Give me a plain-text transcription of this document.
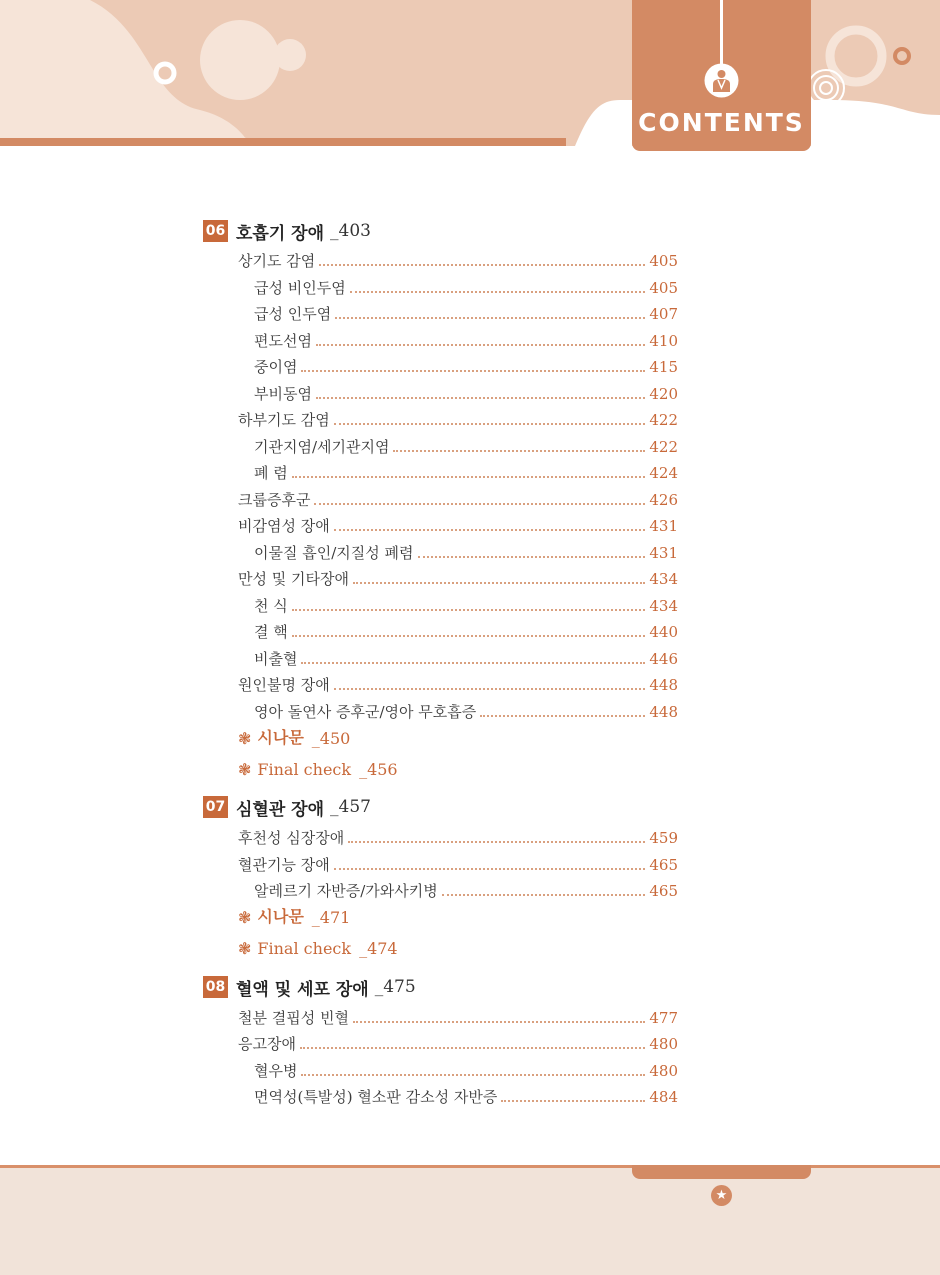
CONTENTS
06 호흡기 장애 _403
상기도 감염	405
급성 비인두염	405
급성 인두염	407
편도선염	410
중이염	415
부비동염	420
하부기도 감염	422
기관지염/세기관지염	422
폐 렴	424
크룹증후군	426
비감염성 장애	431
이물질 흡인/지질성 폐렴	431
만성 및 기타장애	434
천 식	434
결 핵	440
비출혈	446
원인불명 장애	448
영아 돌연사 증후군/영아 무호흡증	448
❃ 시나문 _450
❃ Final check _456
07 심혈관 장애 _457
후천성 심장장애	459
혈관기능 장애	465
알레르기 자반증/가와사키병	465
❃ 시나문 _471
❃ Final check _474
08 혈액 및 세포 장애 _475
철분 결핍성 빈혈	477
응고장애	480
혈우병	480
면역성(특발성) 혈소판 감소성 자반증	484
★
